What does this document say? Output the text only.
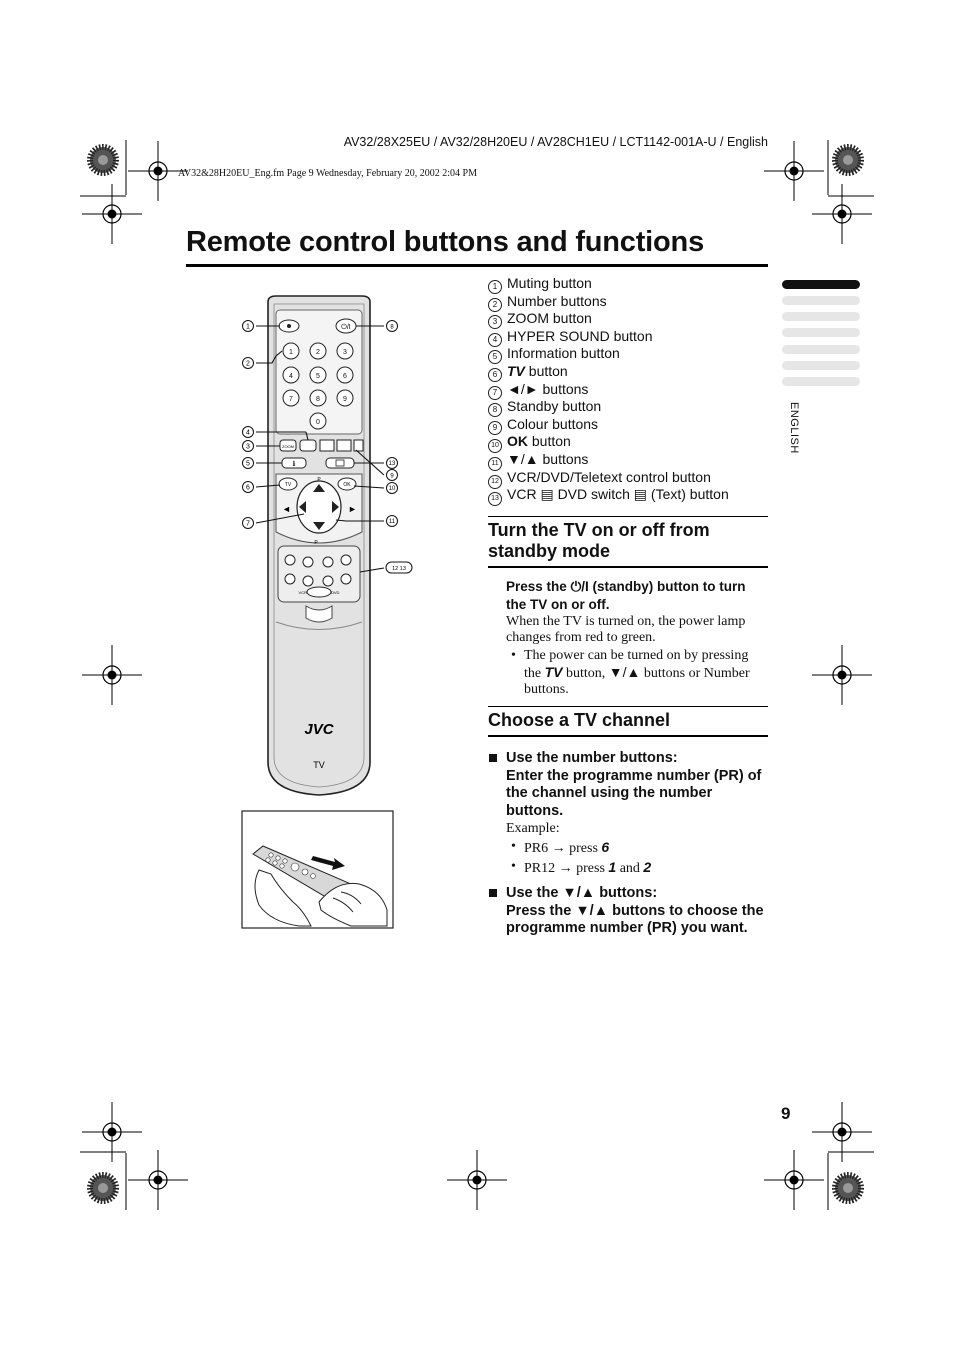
AV32/28X25EU / AV32/28H20EU / AV28CH1EU / LCT1142-001A-U / English
AV32&28H20EU_Eng.fm Page 9 Wednesday, February 20, 2002 2:04 PM
Remote control buttons and functions
ENGLISH
⏻/I
1	2	3
4	5	6
7	8	9
0
ZOOM
ℹ
TV	OK
P
P
◄	►
VCR	DVD
JVC
TV
1
2
4
3
5
6
7
8
13
9
10
11
12 13
1 Muting button
2 Number buttons
3 ZOOM button
4 HYPER SOUND button
5 Information button
6 TV button
7 ◄/► buttons
8 Standby button
9 Colour buttons
10 OK button
11 ▼/▲ buttons
12 VCR/DVD/Teletext control button
13 VCR ▤ DVD switch ▤ (Text) button
Turn the TV on or off from standby mode
Press the ⏻/I (standby) button to turn the TV on or off.
When the TV is turned on, the power lamp changes from red to green.
• The power can be turned on by pressing the TV button, ▼/▲ buttons or Number buttons.
Choose a TV channel
Use the number buttons:
Enter the programme number (PR) of the channel using the number buttons.
Example:
• PR6 → press 6
• PR12 → press 1 and 2
Use the ▼/▲ buttons:
Press the ▼/▲ buttons to choose the programme number (PR) you want.
9
